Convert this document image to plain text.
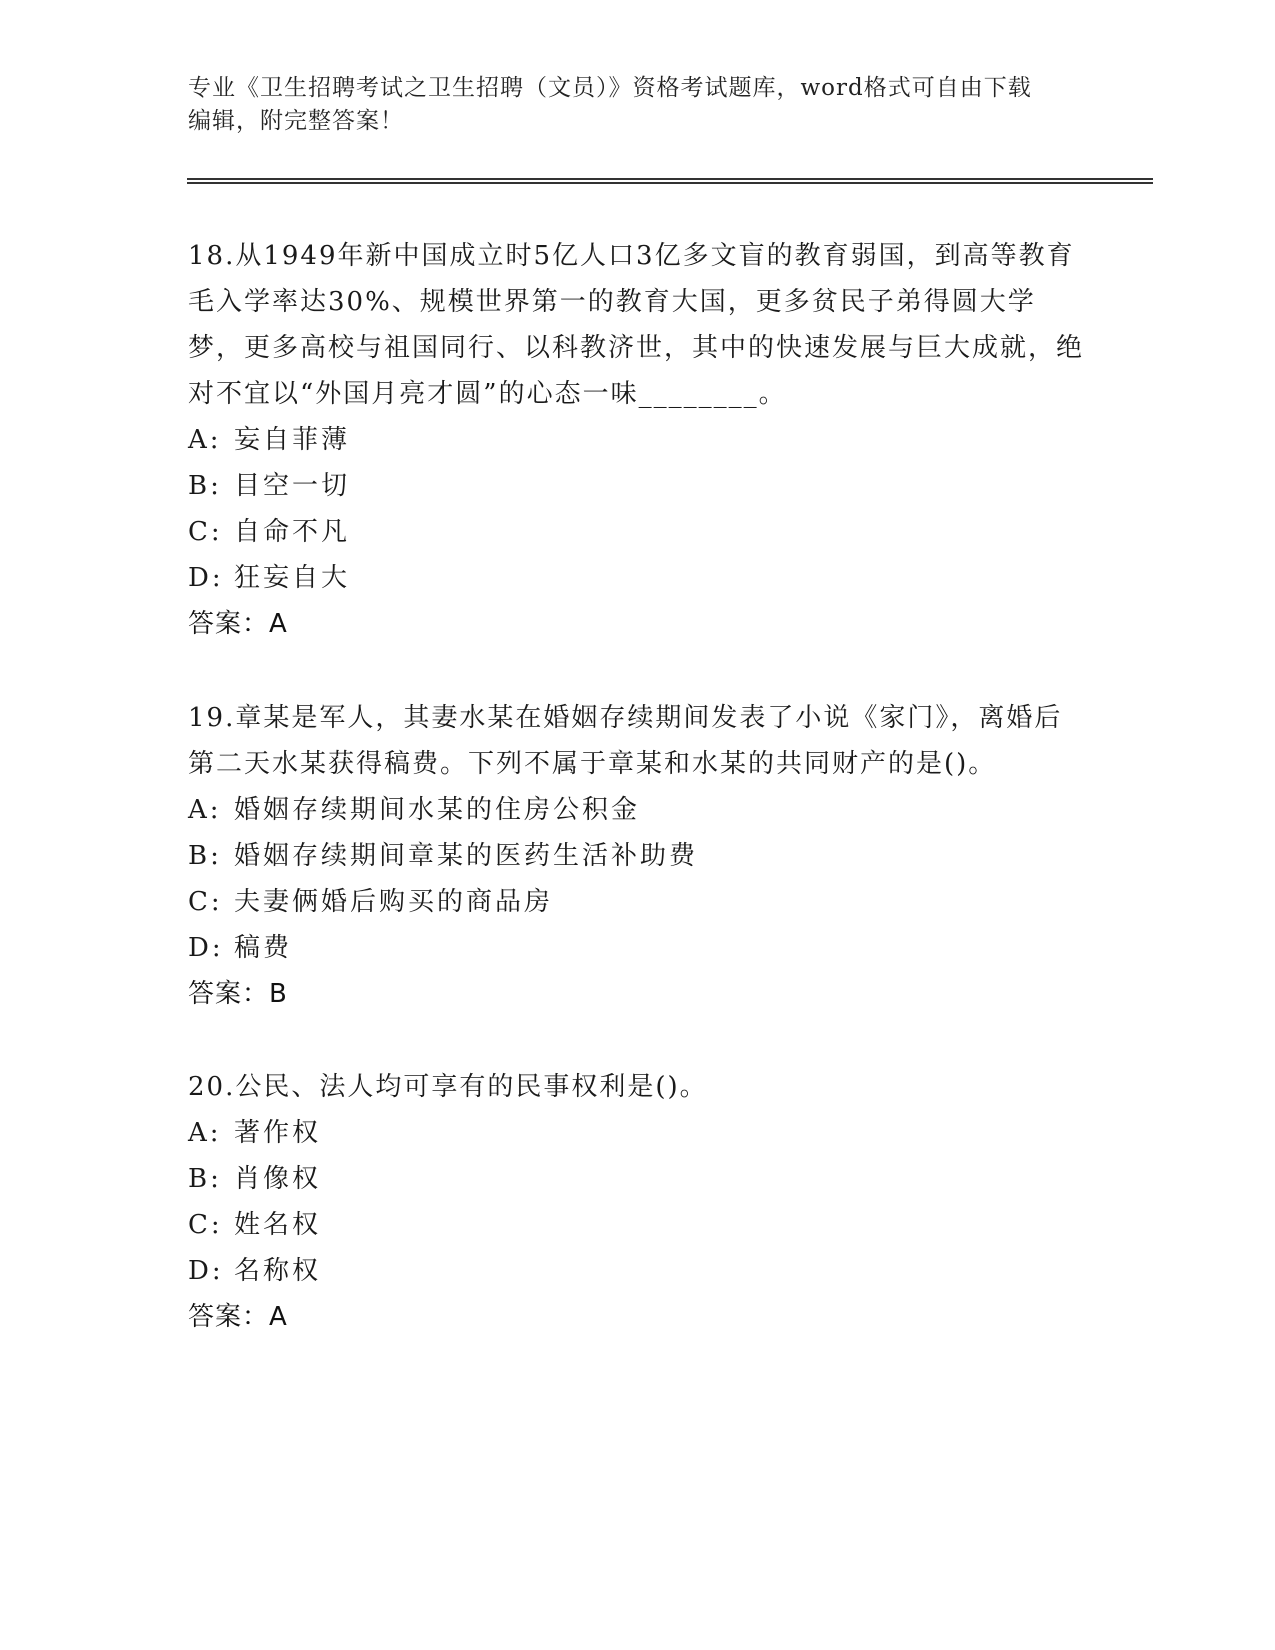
专业《卫生招聘考试之卫生招聘（文员）》资格考试题库，word格式可自由下载
编辑，附完整答案！
18.从1949年新中国成立时5亿人口3亿多文盲的教育弱国，到高等教育毛入学率达30%、规模世界第一的教育大国，更多贫民子弟得圆大学梦，更多高校与祖国同行、以科教济世，其中的快速发展与巨大成就，绝对不宜以“外国月亮才圆”的心态一味________。
A: 妄自菲薄
B: 目空一切
C: 自命不凡
D: 狂妄自大
答案：A
19.章某是军人，其妻水某在婚姻存续期间发表了小说《家门》，离婚后第二天水某获得稿费。下列不属于章某和水某的共同财产的是()。
A: 婚姻存续期间水某的住房公积金
B: 婚姻存续期间章某的医药生活补助费
C: 夫妻俩婚后购买的商品房
D: 稿费
答案：B
20.公民、法人均可享有的民事权利是()。
A: 著作权
B: 肖像权
C: 姓名权
D: 名称权
答案：A
